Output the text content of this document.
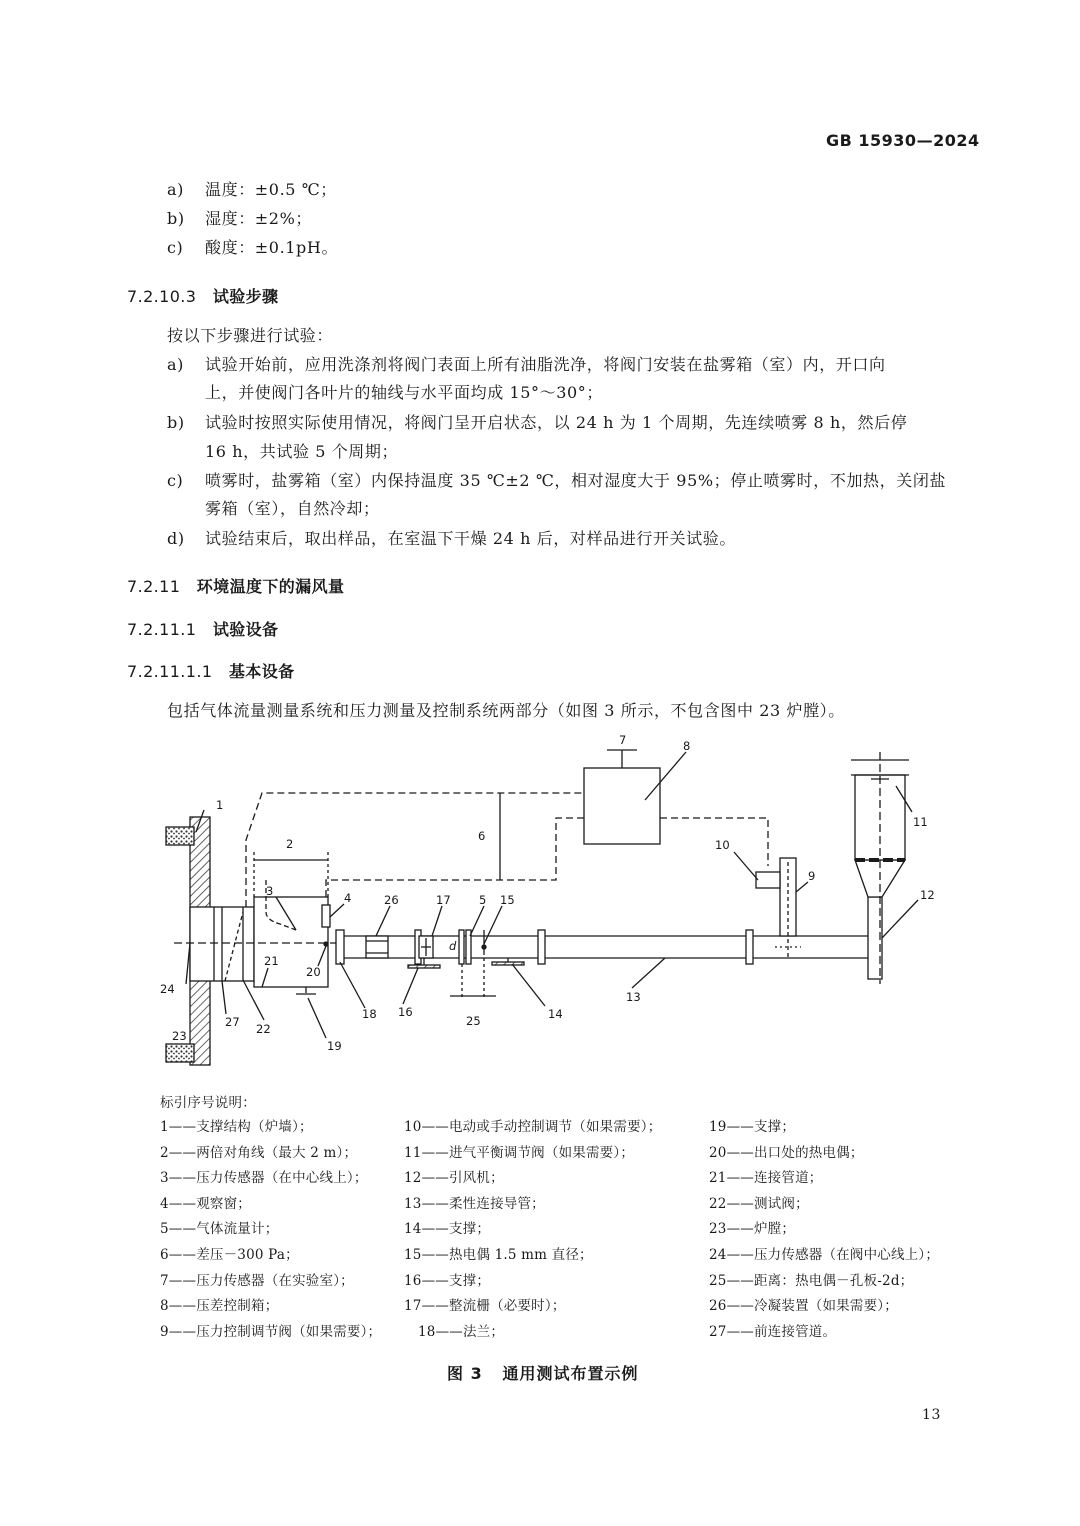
GB 15930—2024
a) 温度：±0.5 ℃；
b) 湿度：±2%；
c) 酸度：±0.1pH。
7.2.10.3 试验步骤
按以下步骤进行试验：
a) 试验开始前，应用洗涤剂将阀门表面上所有油脂洗净，将阀门安装在盐雾箱（室）内，开口向
上，并使阀门各叶片的轴线与水平面均成 15°～30°；
b) 试验时按照实际使用情况，将阀门呈开启状态，以 24 h 为 1 个周期，先连续喷雾 8 h，然后停
16 h，共试验 5 个周期；
c) 喷雾时，盐雾箱（室）内保持温度 35 ℃±2 ℃，相对湿度大于 95%；停止喷雾时，不加热，关闭盐
雾箱（室），自然冷却；
d) 试验结束后，取出样品，在室温下干燥 24 h 后，对样品进行开关试验。
7.2.11 环境温度下的漏风量
7.2.11.1 试验设备
7.2.11.1.1 基本设备
包括气体流量测量系统和压力测量及控制系统两部分（如图 3 所示，不包含图中 23 炉膛）。
1
2
3	4	5
6
7	8
9
10
11
12
13
14
15
16
17
18
19
20
21
22
23
24
25
26
27
d
标引序号说明：
1——支撑结构（炉墙）；
2——两倍对角线（最大 2 m）；
3——压力传感器（在中心线上）；
4——观察窗；
5——气体流量计；
6——差压－300 Pa；
7——压力传感器（在实验室）；
8——压差控制箱；
9——压力控制调节阀（如果需要）；
10——电动或手动控制调节（如果需要）；
11——进气平衡调节阀（如果需要）；
12——引风机；
13——柔性连接导管；
14——支撑；
15——热电偶 1.5 mm 直径；
16——支撑；
17——整流栅（必要时）；
18——法兰；
19——支撑；
20——出口处的热电偶；
21——连接管道；
22——测试阀；
23——炉膛；
24——压力传感器（在阀中心线上）；
25——距离：热电偶－孔板-2d；
26——冷凝装置（如果需要）；
27——前连接管道。
图 3 通用测试布置示例
13
